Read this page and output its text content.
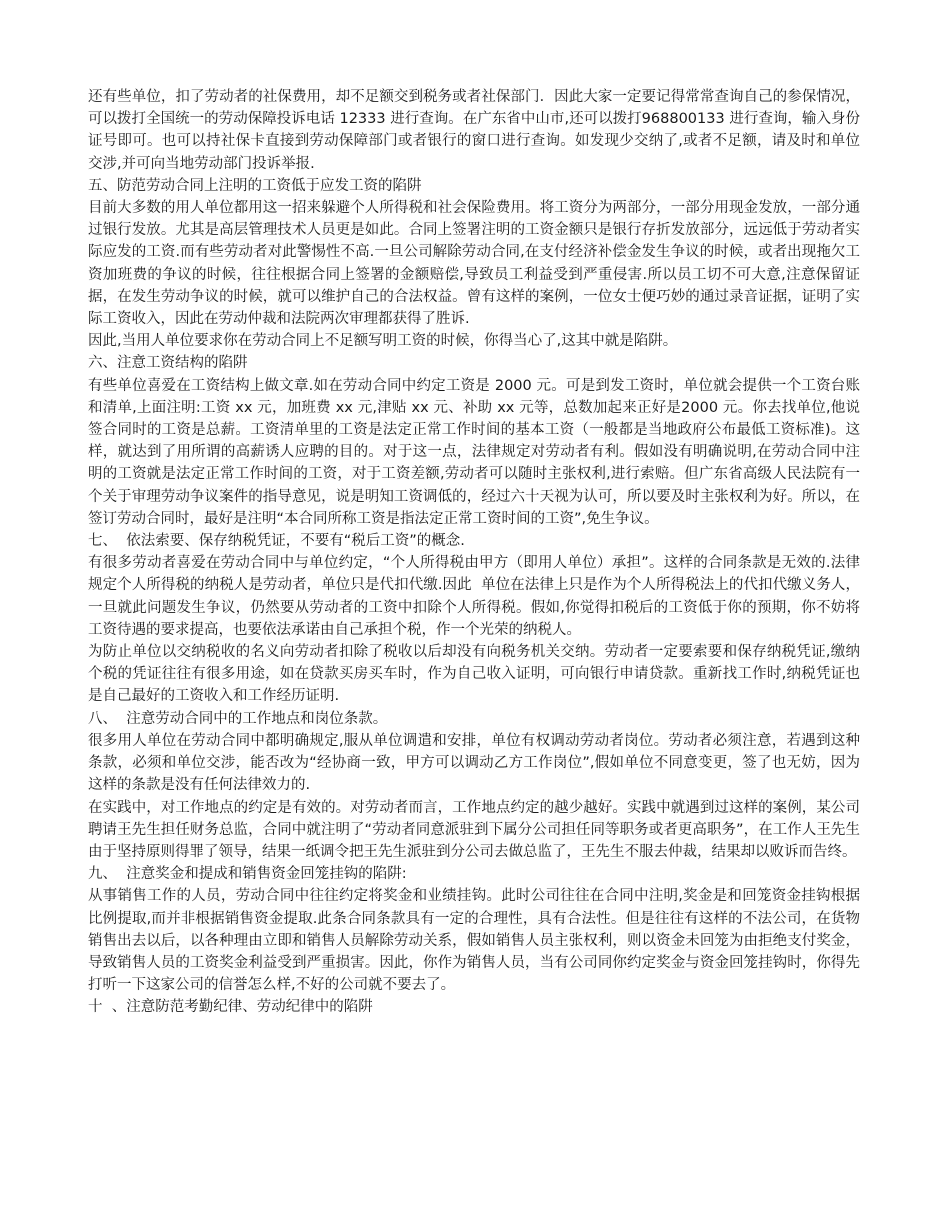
还有些单位，扣了劳动者的社保费用，却不足额交到税务或者社保部门．因此大家一定要记得常常查询自己的参保情况，可以拨打全国统一的劳动保障投诉电话 12333 进行查询。在广东省中山市,还可以拨打968800133 进行查询，输入身份证号即可。也可以持社保卡直接到劳动保障部门或者银行的窗口进行查询。如发现少交纳了,或者不足额，请及时和单位交涉,并可向当地劳动部门投诉举报.

五、防范劳动合同上注明的工资低于应发工资的陷阱

目前大多数的用人单位都用这一招来躲避个人所得税和社会保险费用。将工资分为两部分，一部分用现金发放，一部分通过银行发放。尤其是高层管理技术人员更是如此。合同上签署注明的工资金额只是银行存折发放部分，远远低于劳动者实际应发的工资.而有些劳动者对此警惕性不高.一旦公司解除劳动合同,在支付经济补偿金发生争议的时候，或者出现拖欠工资加班费的争议的时候，往往根据合同上签署的金额赔偿,导致员工利益受到严重侵害.所以员工切不可大意,注意保留证据，在发生劳动争议的时候，就可以维护自己的合法权益。曾有这样的案例，一位女士便巧妙的通过录音证据，证明了实际工资收入，因此在劳动仲裁和法院两次审理都获得了胜诉.

因此,当用人单位要求你在劳动合同上不足额写明工资的时候，你得当心了,这其中就是陷阱。

六、注意工资结构的陷阱

有些单位喜爱在工资结构上做文章.如在劳动合同中约定工资是 2000 元。可是到发工资时，单位就会提供一个工资台账和清单,上面注明:工资 xx 元，加班费 xx 元,津贴 xx 元、补助 xx 元等，总数加起来正好是2000 元。你去找单位,他说签合同时的工资是总薪。工资清单里的工资是法定正常工作时间的基本工资（一般都是当地政府公布最低工资标准)。这样，就达到了用所谓的高薪诱人应聘的目的。对于这一点，法律规定对劳动者有利。假如没有明确说明,在劳动合同中注明的工资就是法定正常工作时间的工资，对于工资差额,劳动者可以随时主张权利,进行索赔。但广东省高级人民法院有一个关于审理劳动争议案件的指导意见，说是明知工资调低的，经过六十天视为认可，所以要及时主张权利为好。所以，在签订劳动合同时，最好是注明“本合同所称工资是指法定正常工资时间的工资”,免生争议。

七、  依法索要、保存纳税凭证，不要有“税后工资”的概念.

有很多劳动者喜爱在劳动合同中与单位约定，“个人所得税由甲方（即用人单位）承担”。这样的合同条款是无效的.法律规定个人所得税的纳税人是劳动者，单位只是代扣代缴.因此  单位在法律上只是作为个人所得税法上的代扣代缴义务人，一旦就此问题发生争议，仍然要从劳动者的工资中扣除个人所得税。假如,你觉得扣税后的工资低于你的预期，你不妨将工资待遇的要求提高，也要依法承诺由自己承担个税，作一个光荣的纳税人。

为防止单位以交纳税收的名义向劳动者扣除了税收以后却没有向税务机关交纳。劳动者一定要索要和保存纳税凭证,缴纳个税的凭证往往有很多用途，如在贷款买房买车时，作为自己收入证明，可向银行申请贷款。重新找工作时,纳税凭证也是自己最好的工资收入和工作经历证明.

八、  注意劳动合同中的工作地点和岗位条款。

很多用人单位在劳动合同中都明确规定,服从单位调遣和安排，单位有权调动劳动者岗位。劳动者必须注意，若遇到这种条款，必须和单位交涉，能否改为“经协商一致，甲方可以调动乙方工作岗位”,假如单位不同意变更，签了也无妨，因为这样的条款是没有任何法律效力的.

在实践中，对工作地点的约定是有效的。对劳动者而言，工作地点约定的越少越好。实践中就遇到过这样的案例，某公司聘请王先生担任财务总监，合同中就注明了“劳动者同意派驻到下属分公司担任同等职务或者更高职务”，在工作人王先生由于坚持原则得罪了领导，结果一纸调令把王先生派驻到分公司去做总监了，王先生不服去仲裁，结果却以败诉而告终。

九、  注意奖金和提成和销售资金回笼挂钩的陷阱:

从事销售工作的人员，劳动合同中往往约定将奖金和业绩挂钩。此时公司往往在合同中注明,奖金是和回笼资金挂钩根据比例提取,而并非根据销售资金提取.此条合同条款具有一定的合理性，具有合法性。但是往往有这样的不法公司，在货物销售出去以后，以各种理由立即和销售人员解除劳动关系，假如销售人员主张权利，则以资金未回笼为由拒绝支付奖金，导致销售人员的工资奖金利益受到严重损害。因此，你作为销售人员，当有公司同你约定奖金与资金回笼挂钩时，你得先打听一下这家公司的信誉怎么样,不好的公司就不要去了。

十  、注意防范考勤纪律、劳动纪律中的陷阱
